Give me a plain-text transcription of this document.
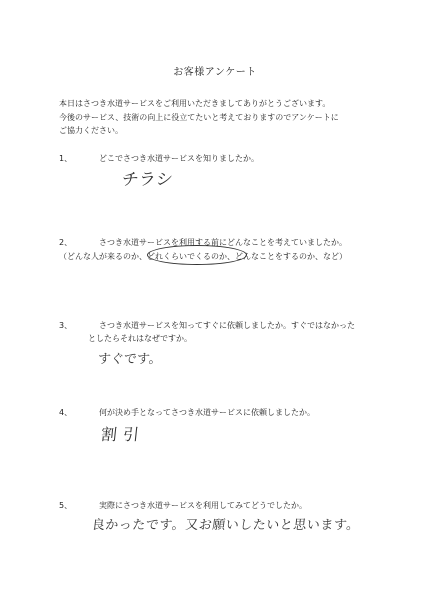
お客様アンケート
本日はさつき水道サービスをご利用いただきましてありがとうございます。
今後のサービス、技術の向上に役立てたいと考えておりますのでアンケートに
ご協力ください。
1、	どこでさつき水道サービスを知りましたか。
チラシ
2、	さつき水道サービスを利用する前にどんなことを考えていましたか。
（どんな人が来るのか、どれくらいでくるのか、どんなことをするのか、など）
3、	さつき水道サービスを知ってすぐに依頼しましたか。すぐではなかった
としたらそれはなぜですか。
すぐです。
4、	何が決め手となってさつき水道サービスに依頼しましたか。
割引
5、	実際にさつき水道サービスを利用してみてどうでしたか。
良かったです。又お願いしたいと思います。
